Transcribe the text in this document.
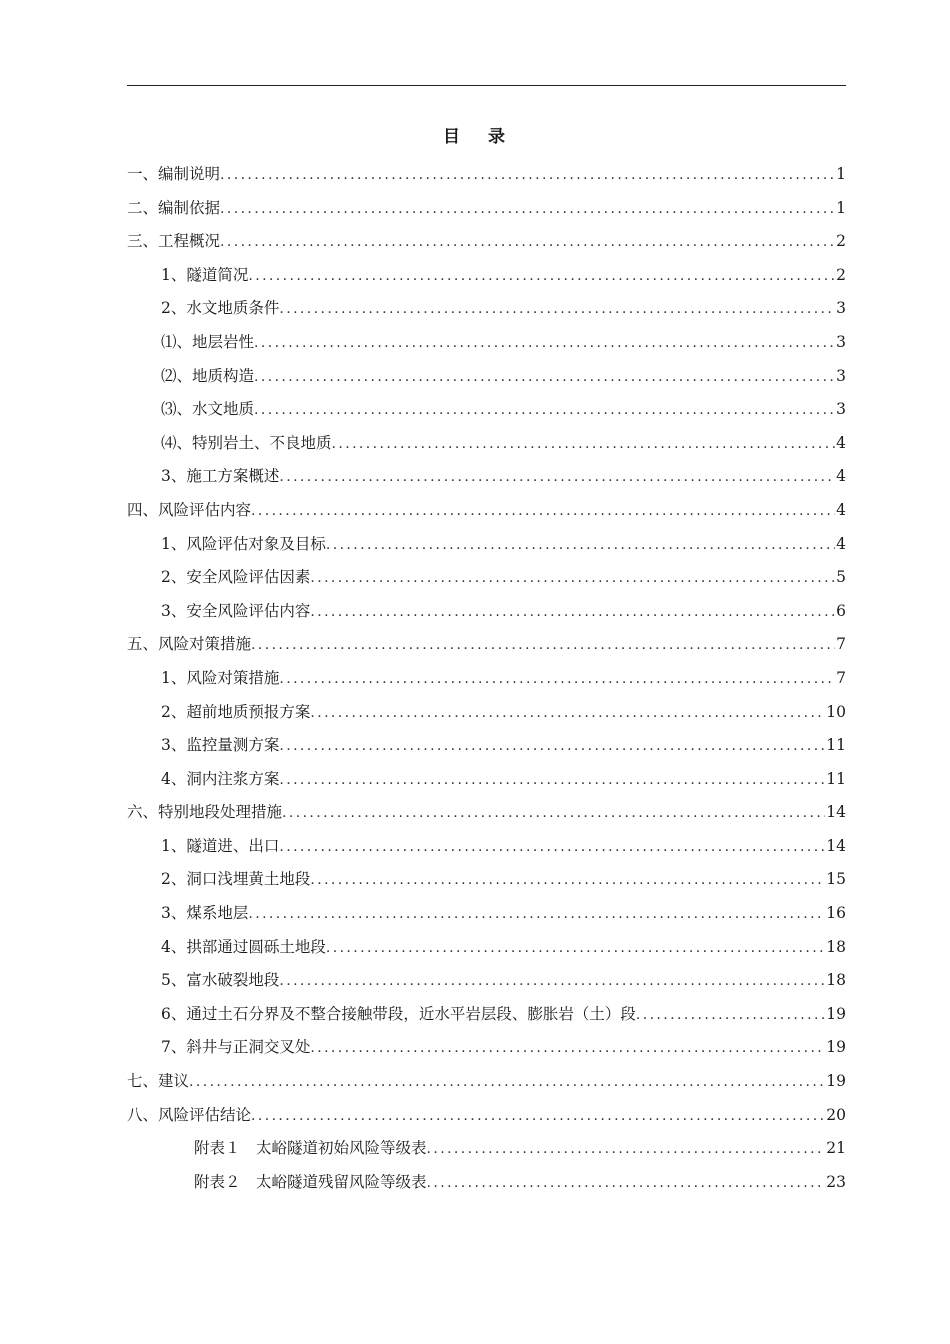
目 录
一、编制说明 .....	1
二、编制依据 .....	1
三、工程概况 .....	2
1、隧道简况 .....	2
2、水文地质条件 .....	3
⑴、地层岩性 .....	3
⑵、地质构造 .....	3
⑶、水文地质 .....	3
⑷、特别岩土、不良地质 .....	4
3、施工方案概述 .....	4
四、风险评估内容 .....	4
1、风险评估对象及目标 .....	4
2、安全风险评估因素 .....	5
3、安全风险评估内容 .....	6
五、风险对策措施 .....	7
1、风险对策措施 .....	7
2、超前地质预报方案 .....	10
3、监控量测方案 .....	11
4、洞内注浆方案 .....	11
六、特别地段处理措施 .....	14
1、隧道进、出口 .....	14
2、洞口浅埋黄土地段 .....	15
3、煤系地层 .....	16
4、拱部通过圆砾土地段 .....	18
5、富水破裂地段 .....	18
6、通过土石分界及不整合接触带段，近水平岩层段、膨胀岩（土）段 .....	19
7、斜井与正洞交叉处 .....	19
七、建议 .....	19
八、风险评估结论 .....	20
附表１　太峪隧道初始风险等级表 .....	21
附表２　太峪隧道残留风险等级表 .....	23
